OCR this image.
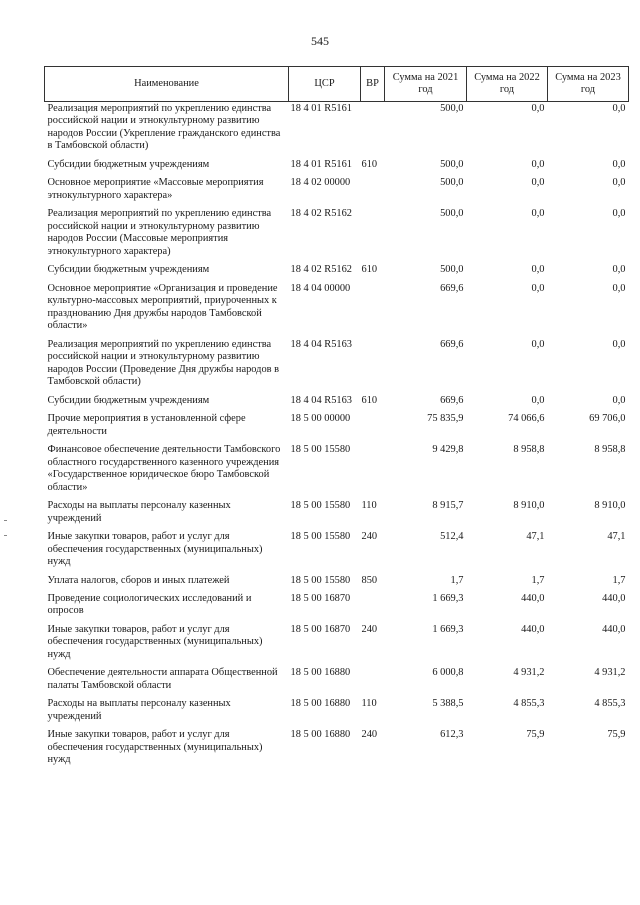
545
Наименование	ЦСР	ВР	Сумма на 2021 год	Сумма на 2022 год	Сумма на 2023 год
Реализация мероприятий по укреплению единства российской нации и этнокультурному развитию народов России (Укрепление гражданского единства в Тамбовской области)	18 4 01 R5161		500,0	0,0	0,0
Субсидии бюджетным учреждениям	18 4 01 R5161	610	500,0	0,0	0,0
Основное мероприятие «Массовые мероприятия этнокультурного характера»	18 4 02 00000		500,0	0,0	0,0
Реализация мероприятий по укреплению единства российской нации и этнокультурному развитию народов России (Массовые мероприятия этнокультурного характера)	18 4 02 R5162		500,0	0,0	0,0
Субсидии бюджетным учреждениям	18 4 02 R5162	610	500,0	0,0	0,0
Основное мероприятие «Организация и проведение культурно-массовых мероприятий, приуроченных к празднованию Дня дружбы народов Тамбовской области»	18 4 04 00000		669,6	0,0	0,0
Реализация мероприятий по укреплению единства российской нации и этнокультурному развитию народов России (Проведение Дня дружбы народов в Тамбовской области)	18 4 04 R5163		669,6	0,0	0,0
Субсидии бюджетным учреждениям	18 4 04 R5163	610	669,6	0,0	0,0
Прочие мероприятия в установленной сфере деятельности	18 5 00 00000		75 835,9	74 066,6	69 706,0
Финансовое обеспечение деятельности Тамбовского областного государственного казенного учреждения «Государственное юридическое бюро Тамбовской области»	18 5 00 15580		9 429,8	8 958,8	8 958,8
Расходы на выплаты персоналу казенных учреждений	18 5 00 15580	110	8 915,7	8 910,0	8 910,0
Иные закупки товаров, работ и услуг для обеспечения государственных (муниципальных) нужд	18 5 00 15580	240	512,4	47,1	47,1
Уплата налогов, сборов и иных платежей	18 5 00 15580	850	1,7	1,7	1,7
Проведение социологических исследований и опросов	18 5 00 16870		1 669,3	440,0	440,0
Иные закупки товаров, работ и услуг для обеспечения государственных (муниципальных) нужд	18 5 00 16870	240	1 669,3	440,0	440,0
Обеспечение деятельности аппарата Общественной палаты Тамбовской области	18 5 00 16880		6 000,8	4 931,2	4 931,2
Расходы на выплаты персоналу казенных учреждений	18 5 00 16880	110	5 388,5	4 855,3	4 855,3
Иные закупки товаров, работ и услуг для обеспечения государственных (муниципальных) нужд	18 5 00 16880	240	612,3	75,9	75,9
